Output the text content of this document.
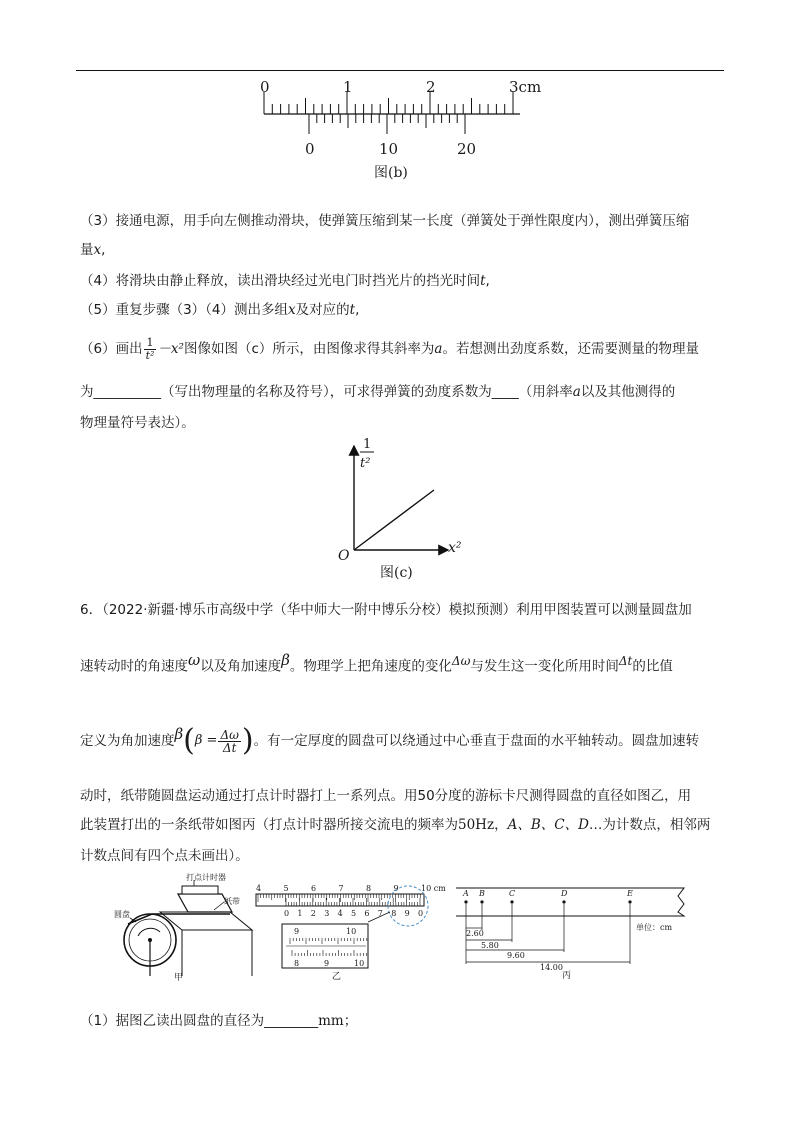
0	1	2	3cm
0	10	20
图(b)
（3）接通电源，用手向左侧推动滑块，使弹簧压缩到某一长度（弹簧处于弹性限度内），测出弹簧压缩
量x,
（4）将滑块由静止释放，读出滑块经过光电门时挡光片的挡光时间t,
（5）重复步骤（3）（4）测出多组x及对应的t,
（6）画出 $\frac{1}{\text{t²}} -x^2$图像如图（c）所示，由图像求得其斜率为a。若想测出劲度系数，还需要测量的物理量
为__________（写出物理量的名称及符号），可求得弹簧的劲度系数为____（用斜率a以及其他测得的
物理量符号表达）。
1
t²
x²
O
图(c)
6．（2022·新疆·博乐市高级中学（华中师大一附中博乐分校）模拟预测）利用甲图装置可以测量圆盘加
速转动时的角速度$^\omega$以及角加速度$^\beta$。物理学上把角速度的变化$^{\Delta\omega}$与发生这一变化所用时间$^{\Delta t}$的比值
定义为角加速度$\beta(\beta = \frac{\Delta\omega}{\Delta t}$ )。有一定厚度的圆盘可以绕通过中心垂直于盘面的水平轴转动。圆盘加速转
动时，纸带随圆盘运动通过打点计时器打上一系列点。用50分度的游标卡尺测得圆盘的直径如图乙，用
此装置打出的一条纸带如图丙（打点计时器所接交流电的频率为50Hz，A、B、C、D…为计数点，相邻两
计数点间有四个点未画出）。
打点计时器
纸带
圆盘
甲
4	5	6	7	8	9	10 cm
0 1 2 3 4 5 6 7 8 9 0
9	10
8	9	10
乙
A B	C	D	E
2.60
5.80
9.60
14.00
单位：cm
丙
（1）据图乙读出圆盘的直径为________mm；
